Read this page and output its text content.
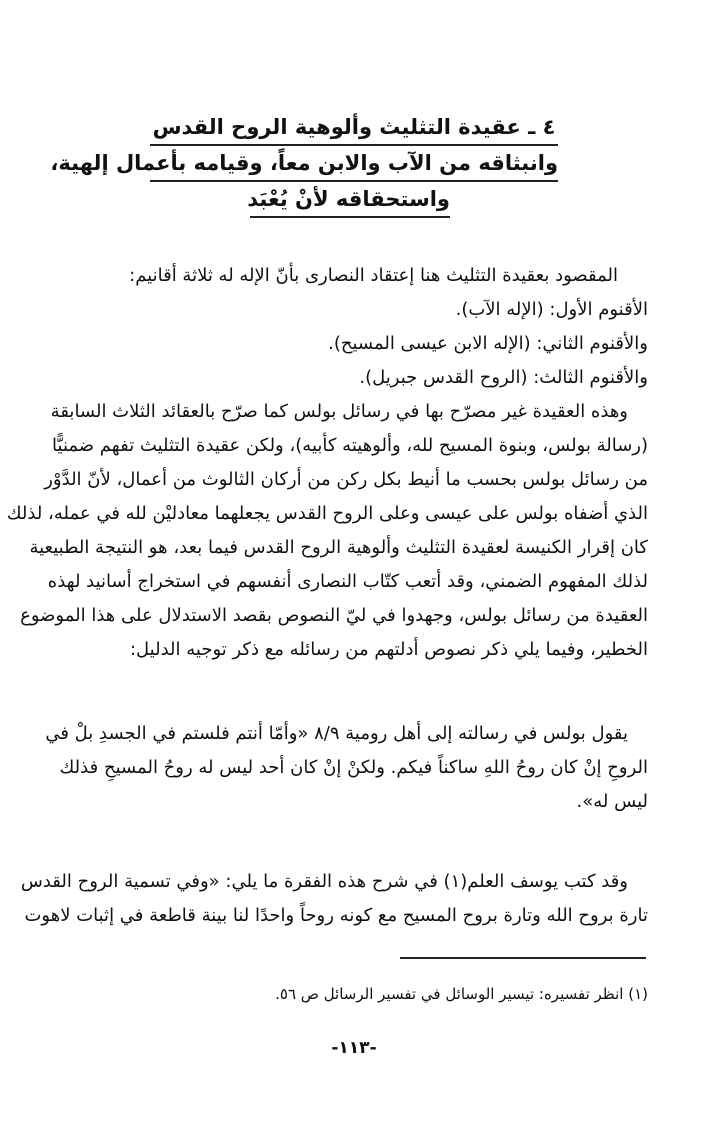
٤ ـ عقيدة التثليث وألوهية الروح القدس
وانبثاقه من الآب والابن معاً، وقيامه بأعمال إلهية،
واستحقاقه لأنْ يُعْبَد
المقصود بعقيدة التثليث هنا إعتقاد النصارى بأنّ الإله له ثلاثة أقانيم:
الأقنوم الأول: (الإله الآب).
والأقنوم الثاني: (الإله الابن عيسى المسيح).
والأقنوم الثالث: (الروح القدس جبريل).
وهذه العقيدة غير مصرّح بها في رسائل بولس كما صرّح بالعقائد الثلاث السابقة
(رسالة بولس، وبنوة المسيح لله، وألوهيته كأبيه)، ولكن عقيدة التثليث تفهم ضمنيًّا
من رسائل بولس بحسب ما أنيط بكل ركن من أركان الثالوث من أعمال، لأنّ الدَّوْر
الذي أضفاه بولس على عيسى وعلى الروح القدس يجعلهما معادليْن لله في عمله، لذلك
كان إقرار الكنيسة لعقيدة التثليث وألوهية الروح القدس فيما بعد، هو النتيجة الطبيعية
لذلك المفهوم الضمني، وقد أتعب كتّاب النصارى أنفسهم في استخراج أسانيد لهذه
العقيدة من رسائل بولس، وجهدوا في ليّ النصوص بقصد الاستدلال على هذا الموضوع
الخطير، وفيما يلي ذكر نصوص أدلتهم من رسائله مع ذكر توجيه الدليل:
يقول بولس في رسالته إلى أهل رومية ٨/٩ «وأمّا أنتم فلستم في الجسدِ بلْ في
الروحِ إنْ كان روحُ اللهِ ساكناً فيكم. ولكنْ إنْ كان أحد ليس له روحُ المسيحِ فذلك
ليس له».
وقد كتب يوسف العلم(١) في شرح هذه الفقرة ما يلي: «وفي تسمية الروح القدس
تارة بروح الله وتارة بروح المسيح مع كونه روحاً واحدًا لنا بينة قاطعة في إثبات لاهوت
(١) انظر تفسيره: تيسير الوسائل في تفسير الرسائل ص ٥٦.
-١١٣-
